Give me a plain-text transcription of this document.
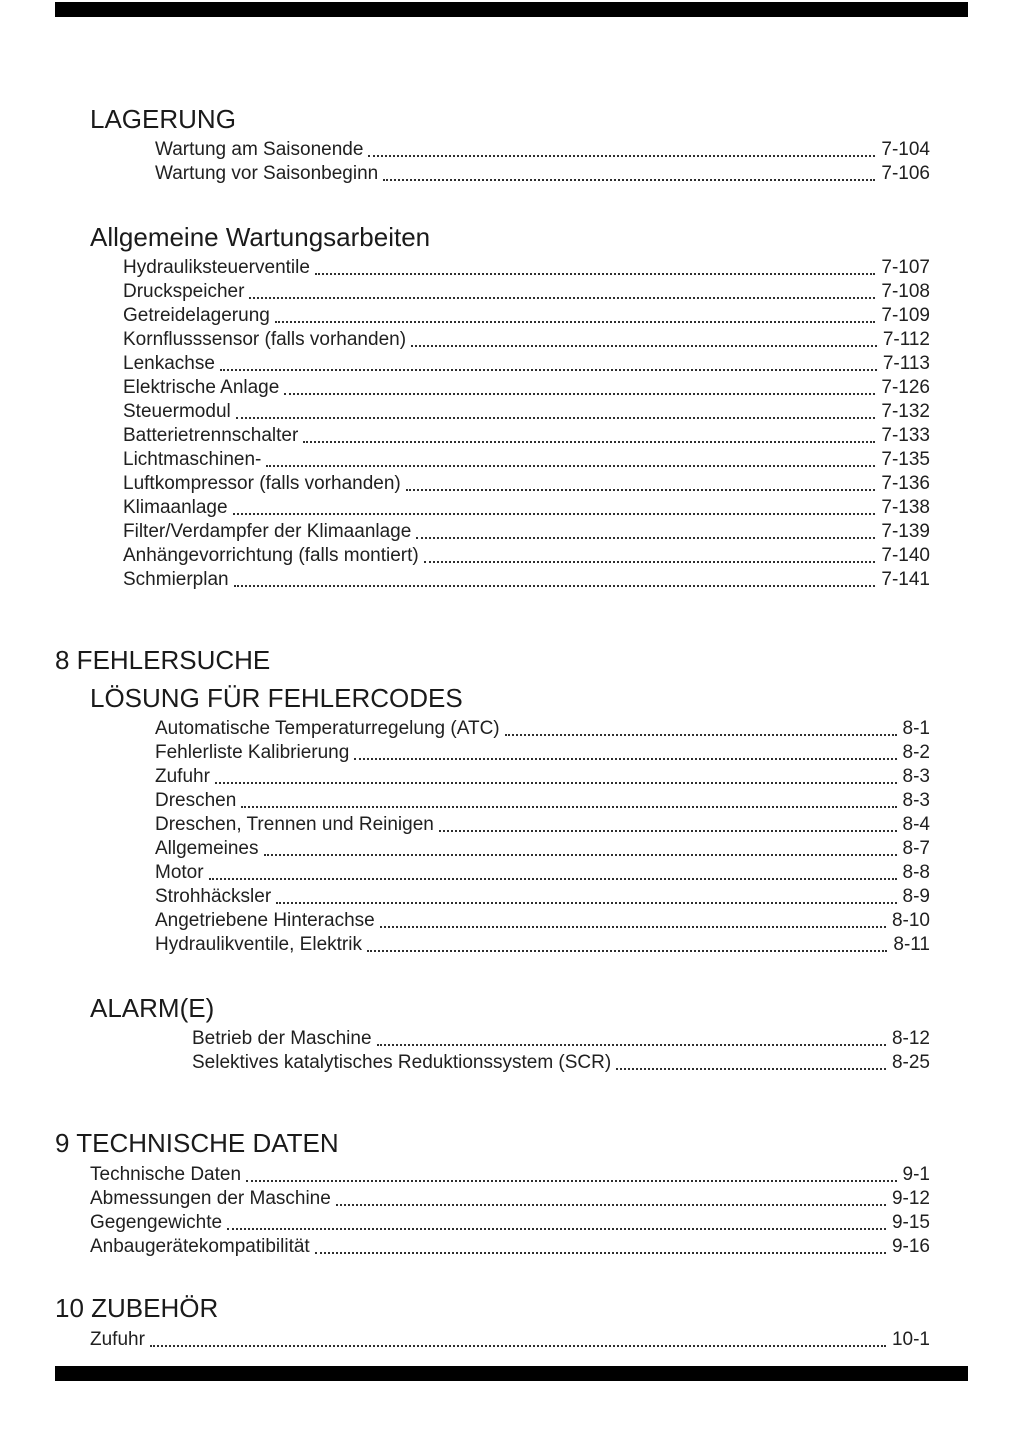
LAGERUNG
Wartung am Saisonende	7-104
Wartung vor Saisonbeginn	7-106
Allgemeine Wartungsarbeiten
Hydrauliksteuerventile	7-107
Druckspeicher	7-108
Getreidelagerung	7-109
Kornflusssensor (falls vorhanden)	7-112
Lenkachse	7-113
Elektrische Anlage	7-126
Steuermodul	7-132
Batterietrennschalter	7-133
Lichtmaschinen-	7-135
Luftkompressor (falls vorhanden)	7-136
Klimaanlage	7-138
Filter/Verdampfer der Klimaanlage	7-139
Anhängevorrichtung (falls montiert)	7-140
Schmierplan	7-141
8 FEHLERSUCHE
LÖSUNG FÜR FEHLERCODES
Automatische Temperaturregelung (ATC)	8-1
Fehlerliste Kalibrierung	8-2
Zufuhr	8-3
Dreschen	8-3
Dreschen, Trennen und Reinigen	8-4
Allgemeines	8-7
Motor	8-8
Strohhäcksler	8-9
Angetriebene Hinterachse	8-10
Hydraulikventile, Elektrik	8-11
ALARM(E)
Betrieb der Maschine	8-12
Selektives katalytisches Reduktionssystem (SCR)	8-25
9 TECHNISCHE DATEN
Technische Daten	9-1
Abmessungen der Maschine	9-12
Gegengewichte	9-15
Anbaugerätekompatibilität	9-16
10 ZUBEHÖR
Zufuhr	10-1
